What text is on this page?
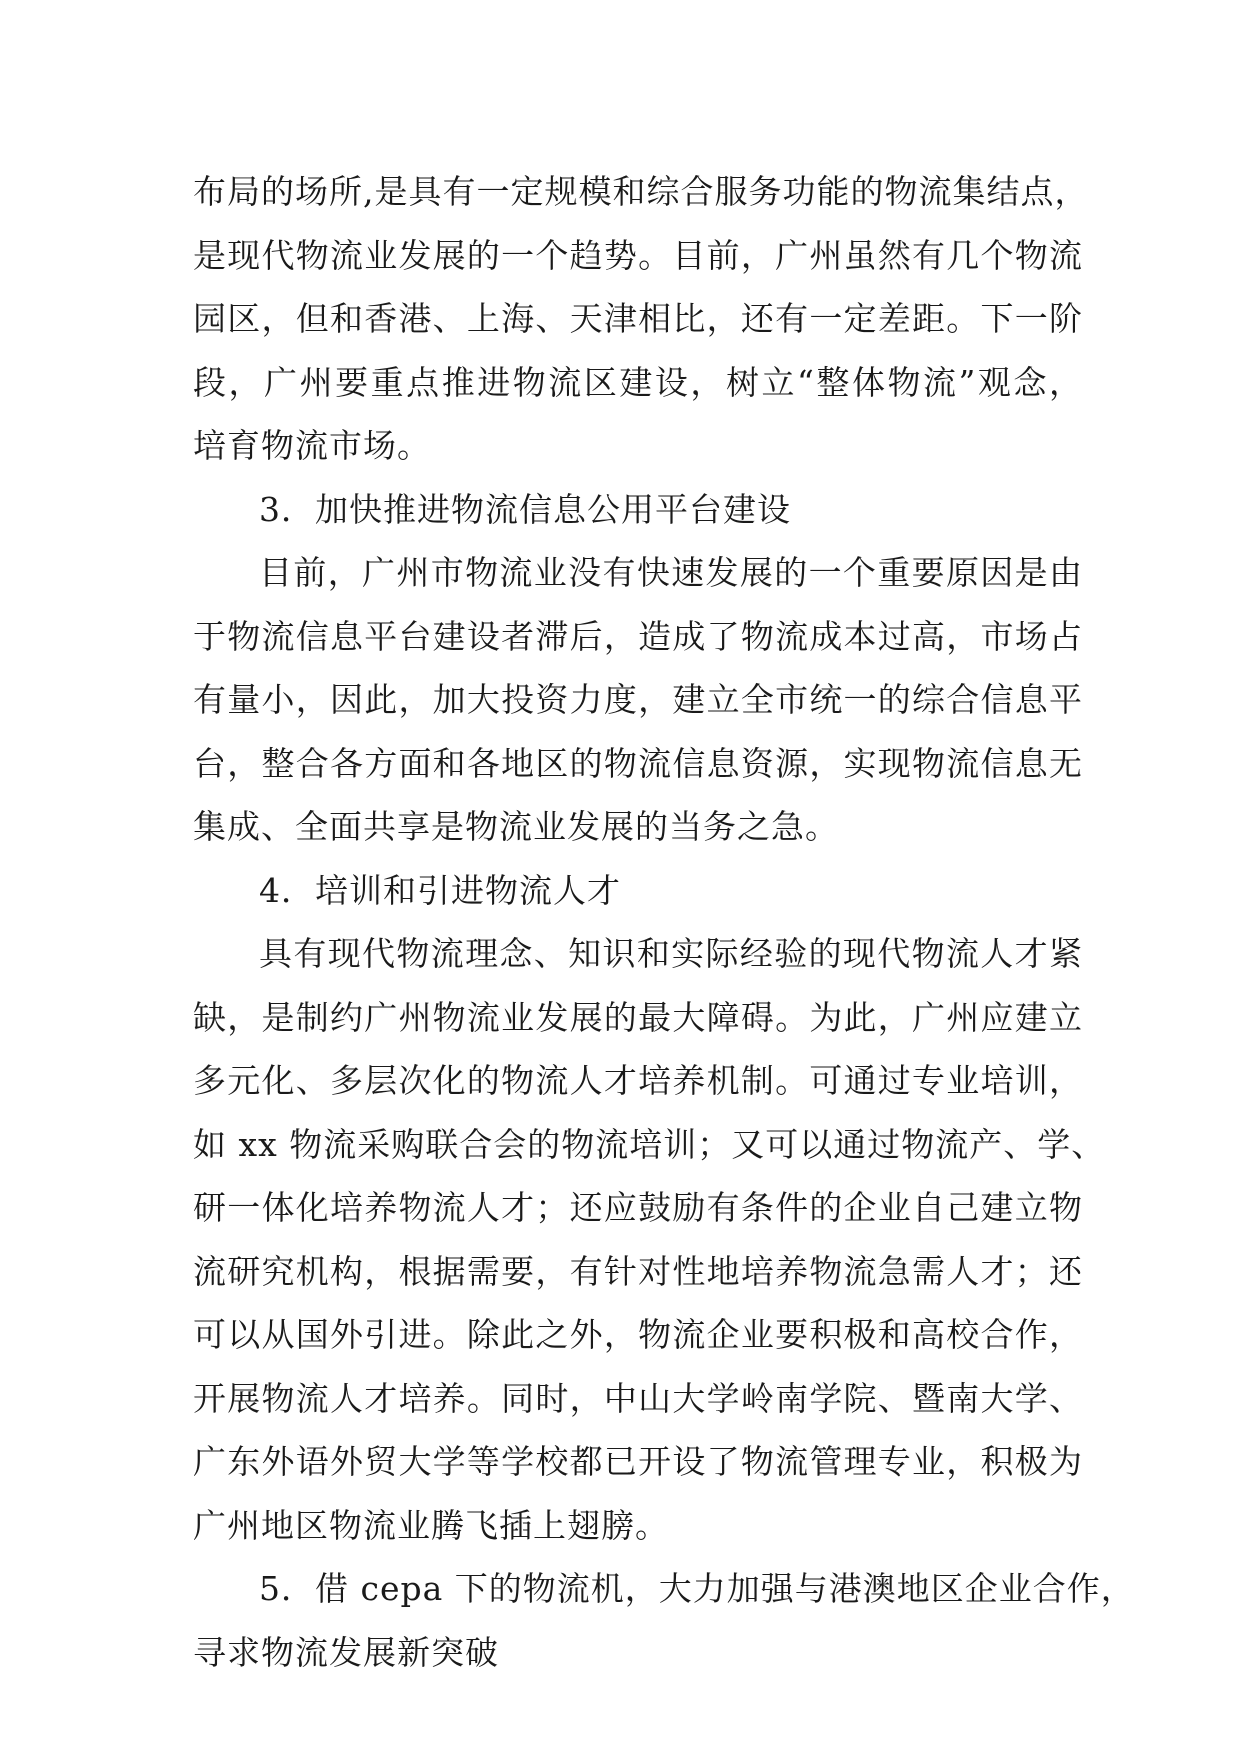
布局的场所,是具有一定规模和综合服务功能的物流集结点，
是现代物流业发展的一个趋势。目前，广州虽然有几个物流
园区，但和香港、上海、天津相比，还有一定差距。下一阶
段，广州要重点推进物流区建设，树立“整体物流”观念，
培育物流市场。
3．加快推进物流信息公用平台建设
目前，广州市物流业没有快速发展的一个重要原因是由
于物流信息平台建设者滞后，造成了物流成本过高，市场占
有量小，因此，加大投资力度，建立全市统一的综合信息平
台，整合各方面和各地区的物流信息资源，实现物流信息无
集成、全面共享是物流业发展的当务之急。
4．培训和引进物流人才
具有现代物流理念、知识和实际经验的现代物流人才紧
缺，是制约广州物流业发展的最大障碍。为此，广州应建立
多元化、多层次化的物流人才培养机制。可通过专业培训，
如 xx 物流采购联合会的物流培训；又可以通过物流产、学、
研一体化培养物流人才；还应鼓励有条件的企业自己建立物
流研究机构，根据需要，有针对性地培养物流急需人才；还
可以从国外引进。除此之外，物流企业要积极和高校合作，
开展物流人才培养。同时，中山大学岭南学院、暨南大学、
广东外语外贸大学等学校都已开设了物流管理专业，积极为
广州地区物流业腾飞插上翅膀。
5．借 cepa 下的物流机，大力加强与港澳地区企业合作，
寻求物流发展新突破
